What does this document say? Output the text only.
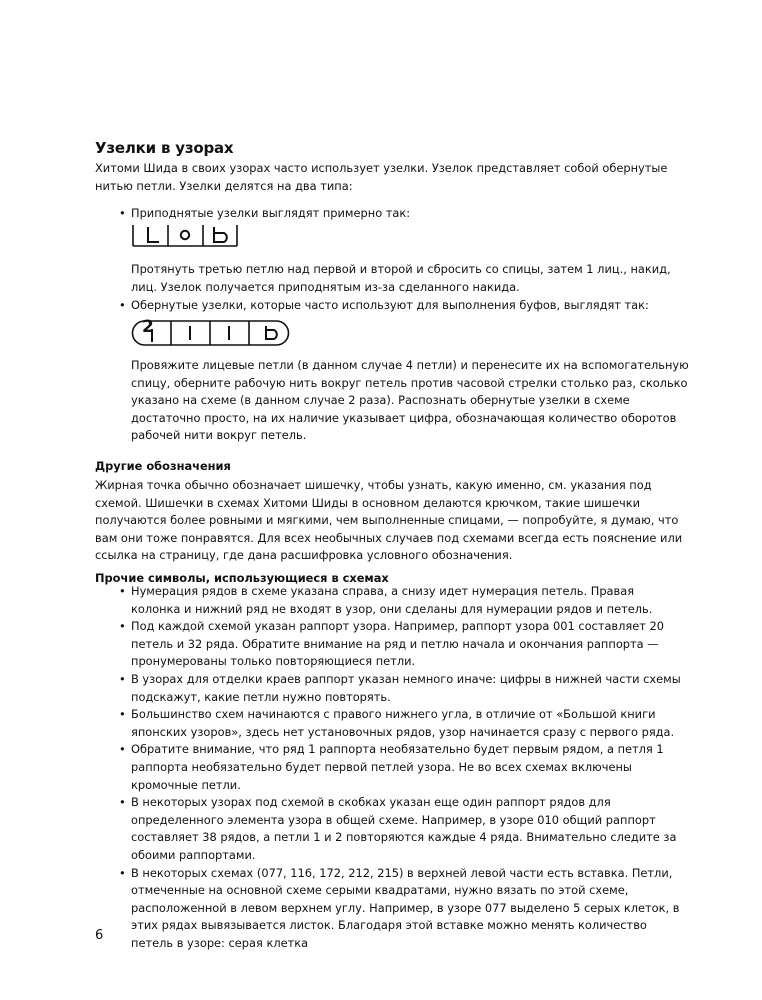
Узелки в узорах

Хитоми Шида в своих узорах часто использует узелки. Узелок представляет собой обернутые нитью петли. Узелки делятся на два типа:

• Приподнятые узелки выглядят примерно так:

Протянуть третью петлю над первой и второй и сбросить со спицы, затем 1 лиц., накид, лиц. Узелок получается приподнятым из-за сделанного накида.

• Обернутые узелки, которые часто используют для выполнения буфов, выглядят так:
2

Провяжите лицевые петли (в данном случае 4 петли) и перенесите их на вспомогательную спицу, оберните рабочую нить вокруг петель против часовой стрелки столько раз, сколько указано на схеме (в данном случае 2 раза). Распознать обернутые узелки в схеме достаточно просто, на их наличие указывает цифра, обозначающая количество оборотов рабочей нити вокруг петель.

Другие обозначения

Жирная точка обычно обозначает шишечку, чтобы узнать, какую именно, см. указания под схемой. Шишечки в схемах Хитоми Шиды в основном делаются крючком, такие шишечки получаются более ровными и мягкими, чем выполненные спицами, — попробуйте, я думаю, что вам они тоже понравятся. Для всех необычных случаев под схемами всегда есть пояснение или ссылка на страницу, где дана расшифровка условного обозначения.

Прочие символы, использующиеся в схемах
• Нумерация рядов в схеме указана справа, а снизу идет нумерация петель. Правая колонка и нижний ряд не входят в узор, они сделаны для нумерации рядов и петель.
• Под каждой схемой указан раппорт узора. Например, раппорт узора 001 составляет 20 петель и 32 ряда. Обратите внимание на ряд и петлю начала и окончания раппорта — пронумерованы только повторяющиеся петли.
• В узорах для отделки краев раппорт указан немного иначе: цифры в нижней части схемы подскажут, какие петли нужно повторять.
• Большинство схем начинаются с правого нижнего угла, в отличие от «Большой книги японских узоров», здесь нет установочных рядов, узор начинается сразу с первого ряда.
• Обратите внимание, что ряд 1 раппорта необязательно будет первым рядом, а петля 1 раппорта необязательно будет первой петлей узора. Не во всех схемах включены кромочные петли.
• В некоторых узорах под схемой в скобках указан еще один раппорт рядов для определенного элемента узора в общей схеме. Например, в узоре 010 общий раппорт составляет 38 рядов, а петли 1 и 2 повторяются каждые 4 ряда. Внимательно следите за обоими раппортами.
• В некоторых схемах (077, 116, 172, 212, 215) в верхней левой части есть вставка. Петли, отмеченные на основной схеме серыми квадратами, нужно вязать по этой схеме, расположенной в левом верхнем углу. Например, в узоре 077 выделено 5 серых клеток, в этих рядах вывязывается листок. Благодаря этой вставке можно менять количество петель в узоре: серая клетка

6
